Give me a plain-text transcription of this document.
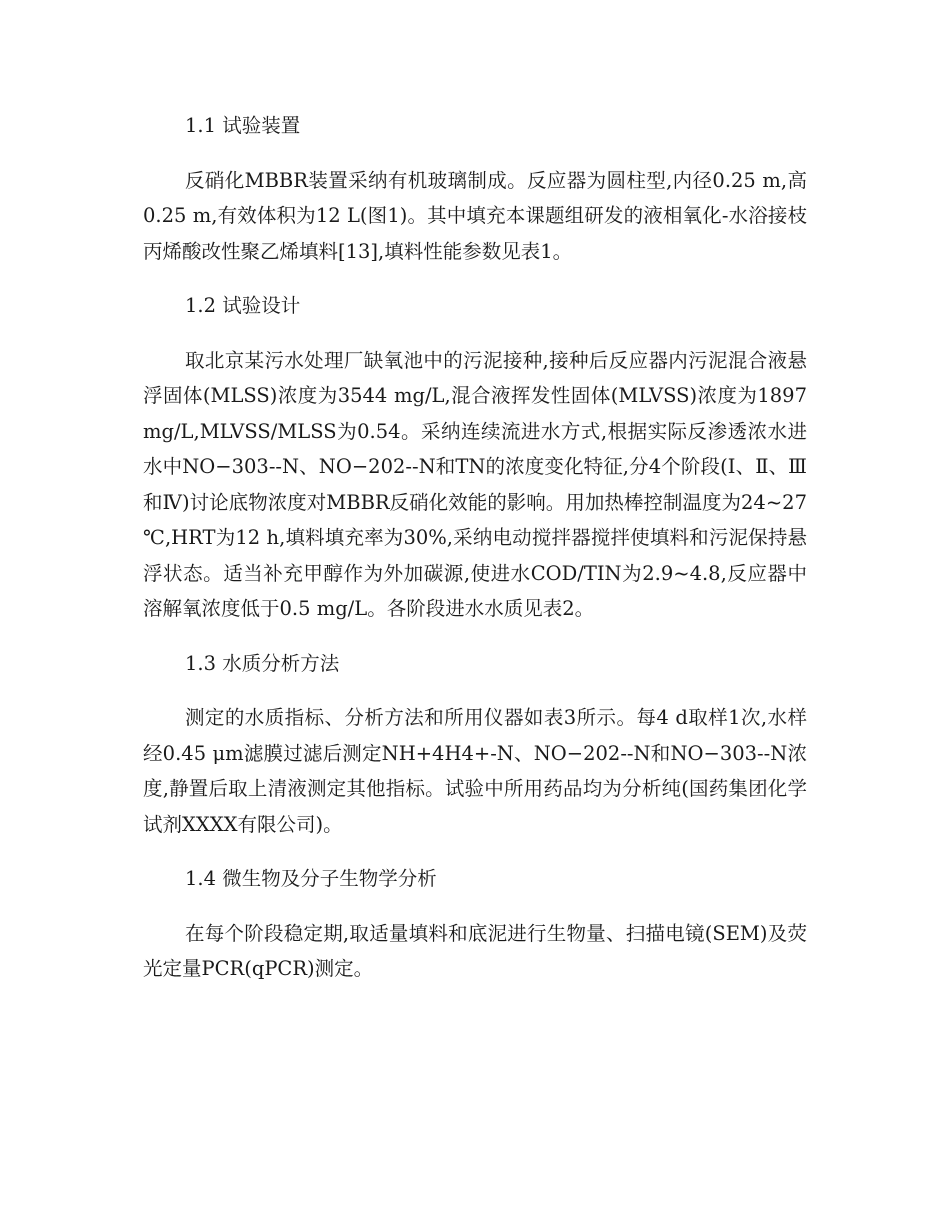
1.1 试验装置

反硝化MBBR装置采纳有机玻璃制成。反应器为圆柱型,内径0.25 m,高0.25 m,有效体积为12 L(图1)。其中填充本课题组研发的液相氧化-水浴接枝丙烯酸改性聚乙烯填料[13],填料性能参数见表1。

1.2 试验设计

取北京某污水处理厂缺氧池中的污泥接种,接种后反应器内污泥混合液悬浮固体(MLSS)浓度为3544 mg/L,混合液挥发性固体(MLVSS)浓度为1897 mg/L,MLVSS/MLSS为0.54。采纳连续流进水方式,根据实际反渗透浓水进水中NO−303--N、NO−202--N和TN的浓度变化特征,分4个阶段(Ⅰ、Ⅱ、Ⅲ和Ⅳ)讨论底物浓度对MBBR反硝化效能的影响。用加热棒控制温度为24~27 ℃,HRT为12 h,填料填充率为30%,采纳电动搅拌器搅拌使填料和污泥保持悬浮状态。适当补充甲醇作为外加碳源,使进水COD/TIN为2.9~4.8,反应器中溶解氧浓度低于0.5 mg/L。各阶段进水水质见表2。

1.3 水质分析方法

测定的水质指标、分析方法和所用仪器如表3所示。每4 d取样1次,水样经0.45 μm滤膜过滤后测定NH+4H4+-N、NO−202--N和NO−303--N浓度,静置后取上清液测定其他指标。试验中所用药品均为分析纯(国药集团化学试剂XXXX有限公司)。

1.4 微生物及分子生物学分析

在每个阶段稳定期,取适量填料和底泥进行生物量、扫描电镜(SEM)及荧光定量PCR(qPCR)测定。
